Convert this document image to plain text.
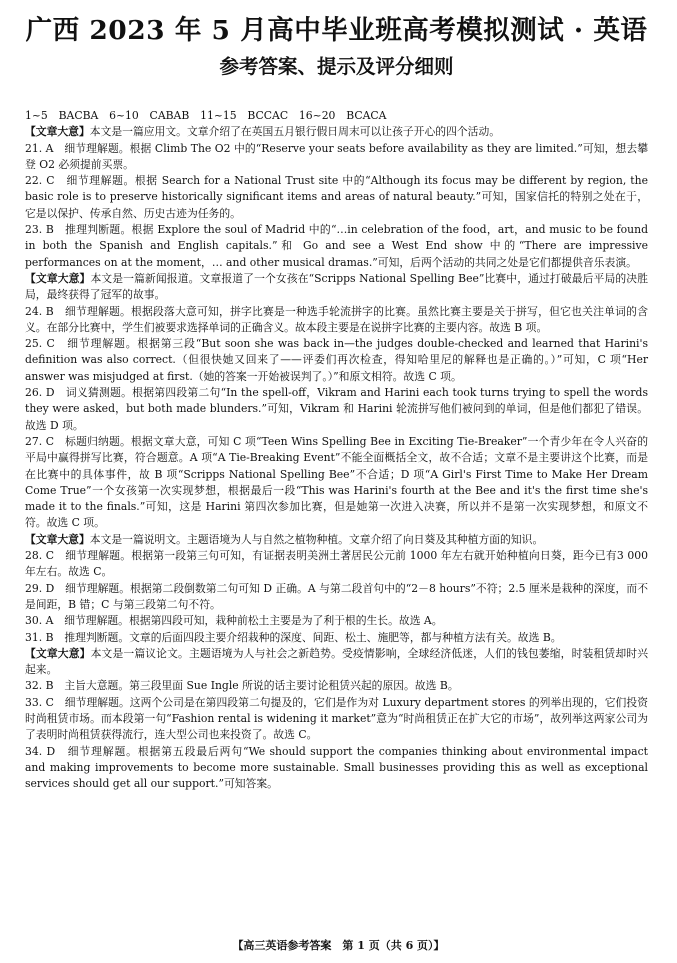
广西 2023 年 5 月高中毕业班高考模拟测试 · 英语
参考答案、提示及评分细则

1~5　BACBA　6~10　CABAB　11~15　BCCAC　16~20　BCACA

【文章大意】本文是一篇应用文。文章介绍了在英国五月银行假日周末可以让孩子开心的四个活动。

21. A　细节理解题。根据 Climb The O2 中的“Reserve your seats before availability as they are limited.”可知，想去攀登 O2 必须提前买票。

22. C　细节理解题。根据 Search for a National Trust site 中的“Although its focus may be different by region, the basic role is to preserve historically significant items and areas of natural beauty.”可知，国家信托的特别之处在于，它是以保护、传承自然、历史古迹为任务的。

23. B　推理判断题。根据 Explore the soul of Madrid 中的“…in celebration of the food，art，and music to be found in both the Spanish and English capitals.”和 Go and see a West End show 中的“There are impressive performances on at the moment，… and other musical dramas.”可知，后两个活动的共同之处是它们都提供音乐表演。

【文章大意】本文是一篇新闻报道。文章报道了一个女孩在“Scripps National Spelling Bee”比赛中，通过打破最后平局的决胜局，最终获得了冠军的故事。

24. B　细节理解题。根据段落大意可知，拼字比赛是一种选手轮流拼字的比赛。虽然比赛主要是关于拼写，但它也关注单词的含义。在部分比赛中，学生们被要求选择单词的正确含义。故本段主要是在说拼字比赛的主要内容。故选 B 项。

25. C　细节理解题。根据第三段“But soon she was back in—the judges double-checked and learned that Harini's definition was also correct.（但很快她又回来了——评委们再次检查，得知哈里尼的解释也是正确的。）”可知，C 项“Her answer was misjudged at first.（她的答案一开始被误判了。）”和原文相符。故选 C 项。

26. D　词义猜测题。根据第四段第二句“In the spell-off，Vikram and Harini each took turns trying to spell the words they were asked，but both made blunders.”可知，Vikram 和 Harini 轮流拼写他们被问到的单词，但是他们都犯了错误。故选 D 项。

27. C　标题归纳题。根据文章大意，可知 C 项“Teen Wins Spelling Bee in Exciting Tie-Breaker”一个青少年在令人兴奋的平局中赢得拼写比赛，符合题意。A 项“A Tie-Breaking Event”不能全面概括全文，故不合适；文章不是主要讲这个比赛，而是在比赛中的具体事件，故 B 项“Scripps National Spelling Bee”不合适；D 项“A Girl's First Time to Make Her Dream Come True”一个女孩第一次实现梦想，根据最后一段“This was Harini's fourth at the Bee and it's the first time she's made it to the finals.”可知，这是 Harini 第四次参加比赛，但是她第一次进入决赛，所以并不是第一次实现梦想，和原文不符。故选 C 项。

【文章大意】本文是一篇说明文。主题语境为人与自然之植物种植。文章介绍了向日葵及其种植方面的知识。

28. C　细节理解题。根据第一段第三句可知，有证据表明美洲土著居民公元前 1000 年左右就开始种植向日葵，距今已有3 000年左右。故选 C。

29. D　细节理解题。根据第二段倒数第二句可知 D 正确。A 与第二段首句中的“2－8 hours”不符；2.5 厘米是栽种的深度，而不是间距，B 错；C 与第三段第二句不符。

30. A　细节理解题。根据第四段可知，栽种前松土主要是为了利于根的生长。故选 A。

31. B　推理判断题。文章的后面四段主要介绍栽种的深度、间距、松土、施肥等，都与种植方法有关。故选 B。

【文章大意】本文是一篇议论文。主题语境为人与社会之新趋势。受疫情影响，全球经济低迷，人们的钱包萎缩，时装租赁却时兴起来。

32. B　主旨大意题。第三段里面 Sue Ingle 所说的话主要讨论租赁兴起的原因。故选 B。

33. C　细节理解题。这两个公司是在第四段第二句提及的，它们是作为对 Luxury department stores 的列举出现的，它们投资时尚租赁市场。而本段第一句“Fashion rental is widening it market”意为“时尚租赁正在扩大它的市场”，故列举这两家公司为了表明时尚租赁获得流行，连大型公司也来投资了。故选 C。

34. D　细节理解题。根据第五段最后两句“We should support the companies thinking about environmental impact and making improvements to become more sustainable. Small businesses providing this as well as exceptional services should get all our support.”可知答案。

【高三英语参考答案　第 1 页（共 6 页）】
